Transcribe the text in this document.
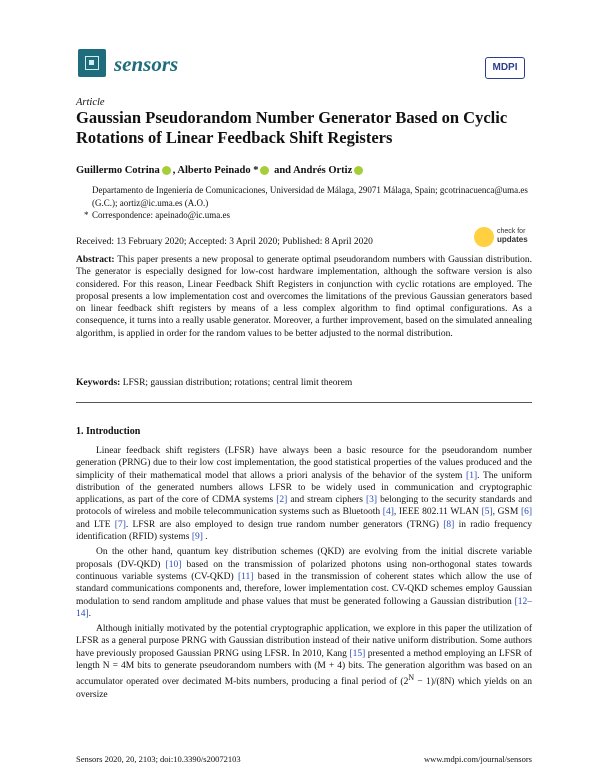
sensors	MDPI
Article
Gaussian Pseudorandom Number Generator Based on Cyclic Rotations of Linear Feedback Shift Registers
Guillermo Cotrina , Alberto Peinado * and Andrés Ortiz
Departamento de Ingeniería de Comunicaciones, Universidad de Málaga, 29071 Málaga, Spain; gcotrinacuenca@uma.es (G.C.); aortiz@ic.uma.es (A.O.)
* Correspondence: apeinado@ic.uma.es
check for
updates
Received: 13 February 2020; Accepted: 3 April 2020; Published: 8 April 2020
Abstract: This paper presents a new proposal to generate optimal pseudorandom numbers with Gaussian distribution. The generator is especially designed for low-cost hardware implementation, although the software version is also considered. For this reason, Linear Feedback Shift Registers in conjunction with cyclic rotations are employed. The proposal presents a low implementation cost and overcomes the limitations of the previous Gaussian generators based on linear feedback shift registers by means of a less complex algorithm to find optimal configurations. As a consequence, it turns into a really usable generator. Moreover, a further improvement, based on the simulated annealing algorithm, is applied in order for the random values to be better adjusted to the normal distribution.
Keywords: LFSR; gaussian distribution; rotations; central limit theorem
1. Introduction

Linear feedback shift registers (LFSR) have always been a basic resource for the pseudorandom number generation (PRNG) due to their low cost implementation, the good statistical properties of the values produced and the simplicity of their mathematical model that allows a priori analysis of the behavior of the system [1]. The uniform distribution of the generated numbers allows LFSR to be widely used in communication and cryptographic applications, as part of the core of CDMA systems [2] and stream ciphers [3] belonging to the security standards and protocols of wireless and mobile telecommunication systems such as Bluetooth [4], IEEE 802.11 WLAN [5], GSM [6] and LTE [7]. LFSR are also employed to design true random number generators (TRNG) [8] in radio frequency identification (RFID) systems [9] .

On the other hand, quantum key distribution schemes (QKD) are evolving from the initial discrete variable proposals (DV-QKD) [10] based on the transmission of polarized photons using non-orthogonal states towards continuous variable systems (CV-QKD) [11] based in the transmission of coherent states which allow the use of standard communications components and, therefore, lower implementation cost. CV-QKD schemes employ Gaussian modulation to send random amplitude and phase values that must be generated following a Gaussian distribution [12–14].

Although initially motivated by the potential cryptographic application, we explore in this paper the utilization of LFSR as a general purpose PRNG with Gaussian distribution instead of their native uniform distribution. Some authors have previously proposed Gaussian PRNG using LFSR. In 2010, Kang [15] presented a method employing an LFSR of length N = 4M bits to generate pseudorandom numbers with (M + 4) bits. The generation algorithm was based on an accumulator operated over decimated M-bits numbers, producing a final period of $(2^N - 1)/(8N)$ which yields on an oversize

Sensors 2020, 20, 2103; doi:10.3390/s20072103	www.mdpi.com/journal/sensors
